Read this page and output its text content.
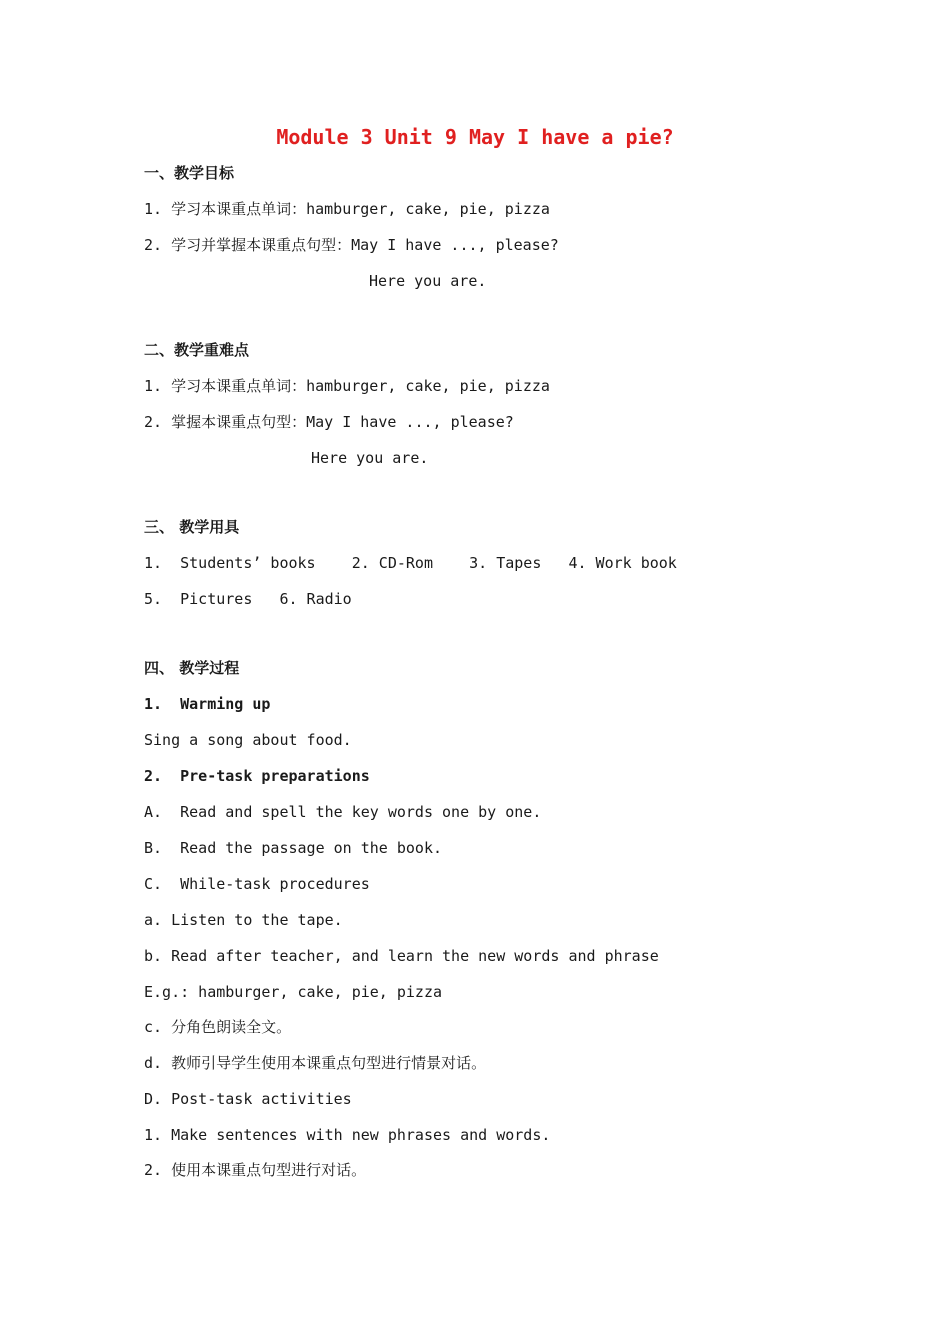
Module 3 Unit 9 May I have a pie?
一、教学目标
1. 学习本课重点单词：hamburger, cake, pie, pizza
2. 学习并掌握本课重点句型：May I have ..., please?
Here you are.
二、教学重难点
1. 学习本课重点单词：hamburger, cake, pie, pizza
2. 掌握本课重点句型：May I have ..., please?
Here you are.
三、 教学用具
1.  Students’ books    2. CD-Rom    3. Tapes   4. Work book
5.  Pictures   6. Radio
四、 教学过程
1.  Warming up
Sing a song about food.
2.  Pre-task preparations
A.  Read and spell the key words one by one.
B.  Read the passage on the book.
C.  While-task procedures
a. Listen to the tape.
b. Read after teacher, and learn the new words and phrase
E.g.: hamburger, cake, pie, pizza
c. 分角色朗读全文。
d. 教师引导学生使用本课重点句型进行情景对话。
D. Post-task activities
1. Make sentences with new phrases and words.
2. 使用本课重点句型进行对话。
